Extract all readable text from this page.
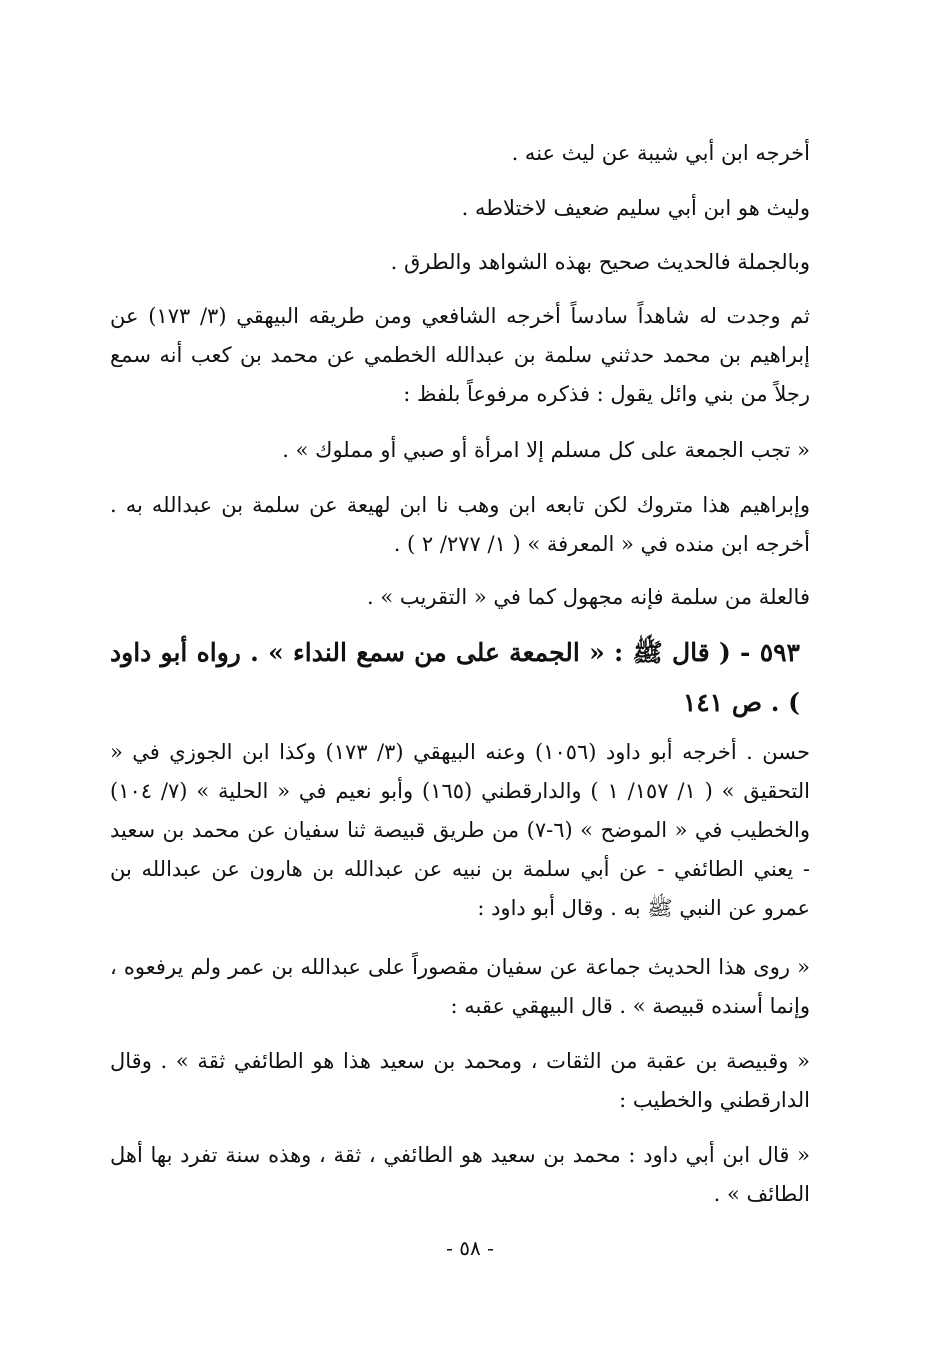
أخرجه ابن أبي شيبة عن ليث عنه .
وليث هو ابن أبي سليم ضعيف لاختلاطه .
وبالجملة فالحديث صحيح بهذه الشواهد والطرق .
ثم وجدت له شاهداً سادساً أخرجه الشافعي ومن طريقه البيهقي (٣/ ١٧٣) عن إبراهيم بن محمد حدثني سلمة بن عبدالله الخطمي عن محمد بن كعب أنه سمع رجلاً من بني وائل يقول : فذكره مرفوعاً بلفظ :
« تجب الجمعة على كل مسلم إلا امرأة أو صبي أو مملوك » .
وإبراهيم هذا متروك لكن تابعه ابن وهب نا ابن لهيعة عن سلمة بن عبدالله به . أخرجه ابن منده في « المعرفة » ( ١/ ٢٧٧/ ٢ ) .
فالعلة من سلمة فإنه مجهول كما في « التقريب » .
٥٩٣ - ( قال ﷺ : « الجمعة على من سمع النداء » . رواه أبو داود ) . ص ١٤١
حسن . أخرجه أبو داود (١٠٥٦) وعنه البيهقي (٣/ ١٧٣) وكذا ابن الجوزي في « التحقيق » ( ١/ ١٥٧/ ١ ) والدارقطني (١٦٥) وأبو نعيم في « الحلية » (٧/ ١٠٤) والخطيب في « الموضح » (٦-٧) من طريق قبيصة ثنا سفيان عن محمد بن سعيد - يعني الطائفي - عن أبي سلمة بن نبيه عن عبدالله بن هارون عن عبدالله بن عمرو عن النبي ﷺ به . وقال أبو داود :
« روى هذا الحديث جماعة عن سفيان مقصوراً على عبدالله بن عمر ولم يرفعوه ، وإنما أسنده قبيصة » . قال البيهقي عقبه :
« وقبيصة بن عقبة من الثقات ، ومحمد بن سعيد هذا هو الطائفي ثقة » . وقال الدارقطني والخطيب :
« قال ابن أبي داود : محمد بن سعيد هو الطائفي ، ثقة ، وهذه سنة تفرد بها أهل الطائف » .
- ٥٨ -
